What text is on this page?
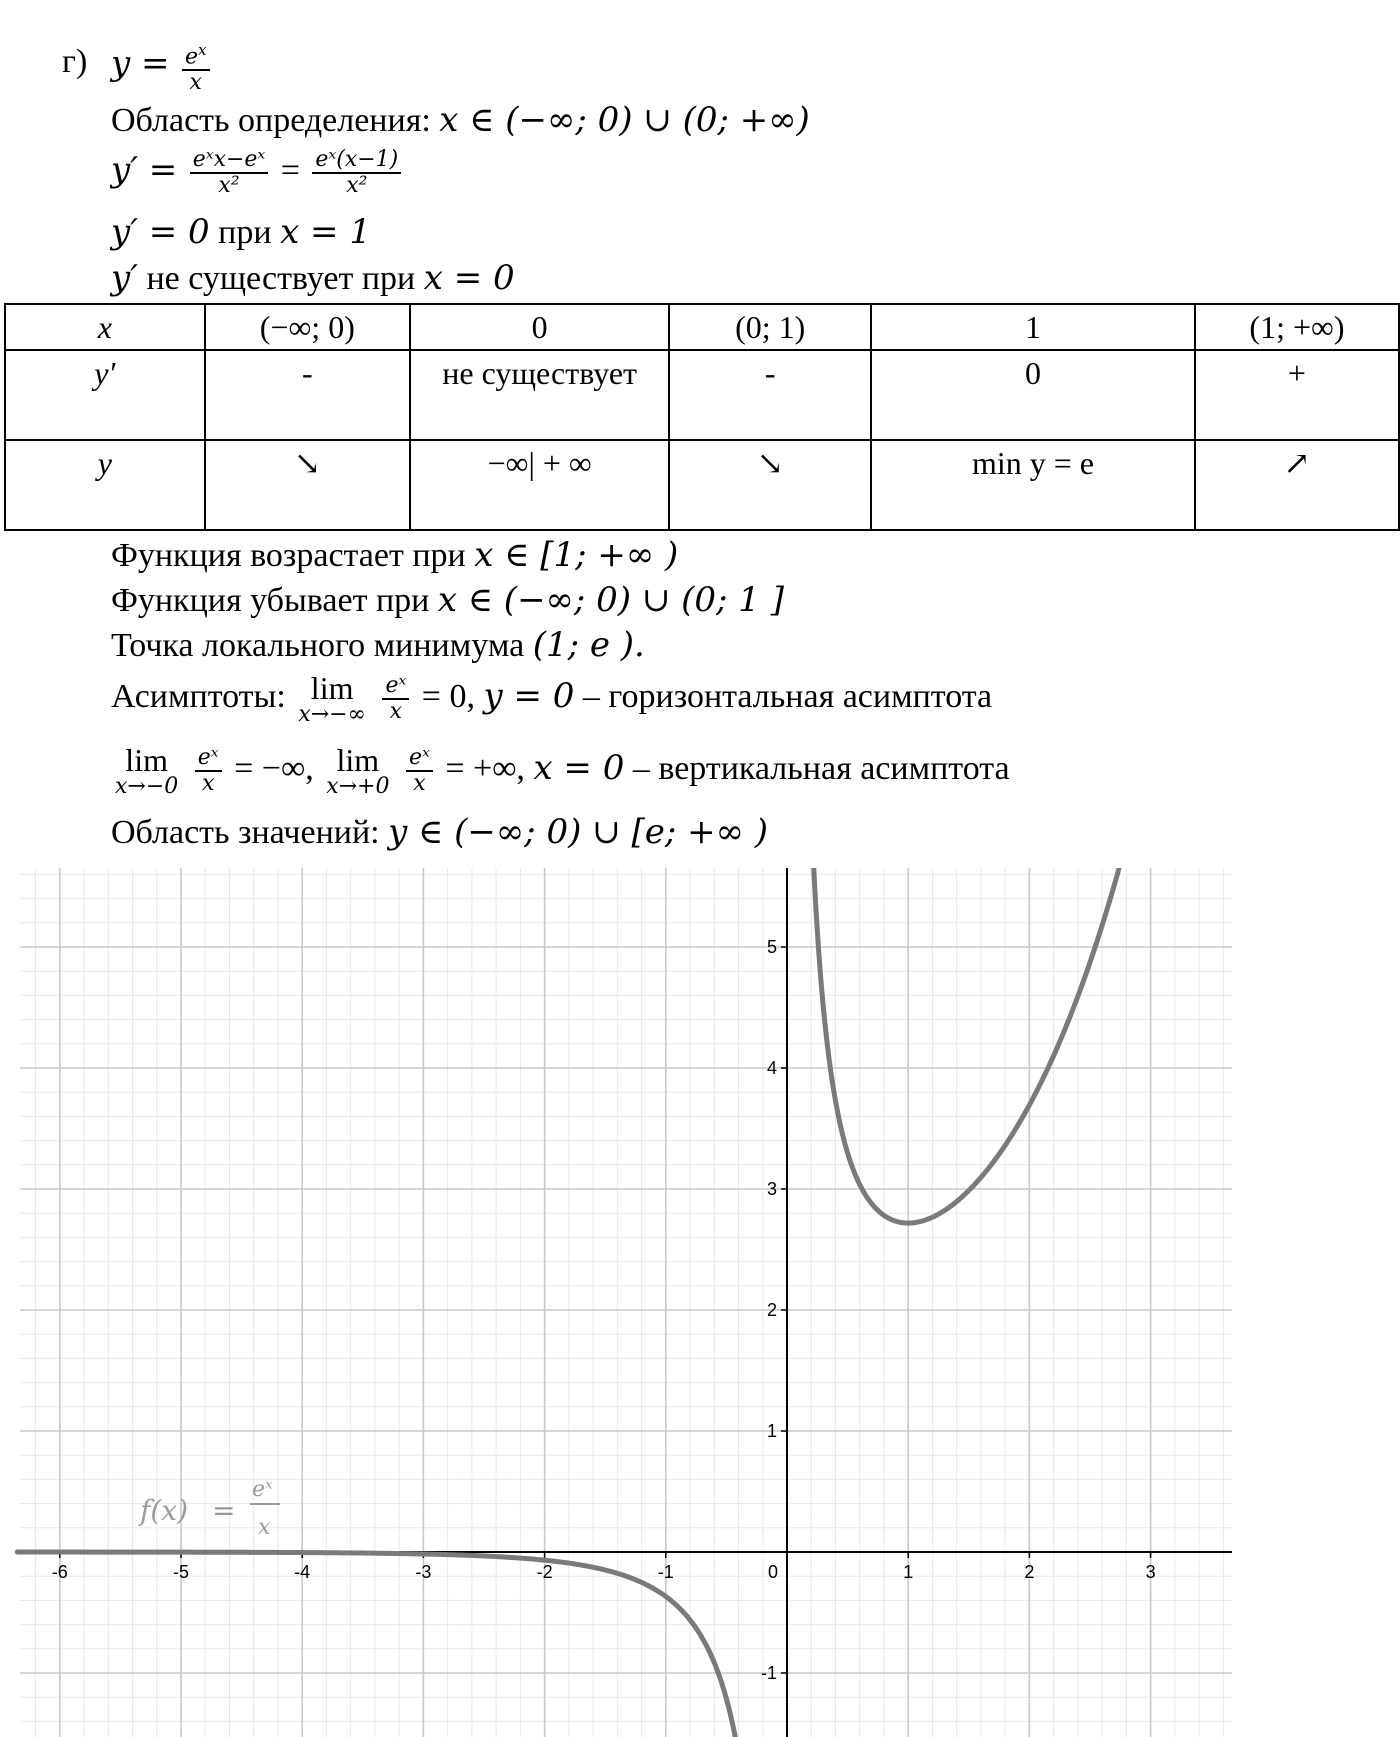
г) $y = \frac{e^x}{x}$
Область определения: x ∈ (−∞; 0) ∪ (0; +∞)
$y' = \frac{\text{eˣx−eˣ}}{\text{x²}} = \frac{\text{eˣ(x−1)}}{\text{x²}}$
y′ = 0 при x = 1
y′ не существует при x = 0
x	(−∞; 0)	0	(0; 1)	1	(1; +∞)
y′	-	не существует	-	0	+
y	↘	−∞| + ∞	↘	min y = e	↗
Функция возрастает при x ∈ [1; +∞ )
Функция убывает при x ∈ (−∞; 0) ∪ (0; 1 ]
Точка локального минимума (1; e ).
Асимптоты: lim
x→−∞
$\frac{\text{eˣ}}{x} = 0$, y = 0 – горизонтальная асимптота
lim
x→−0
$\frac{\text{eˣ}}{x}$ = −∞, lim
x→+0
$\frac{\text{eˣ}}{x}$ = +∞, x = 0 – вертикальная асимптота
Область значений: y ∈ (−∞; 0) ∪ [e; +∞ )
-6	-5	-4	-3	-2	-1	0	1	2	3
-1
1
2
3
4
5
f(x) =
eˣ
x
